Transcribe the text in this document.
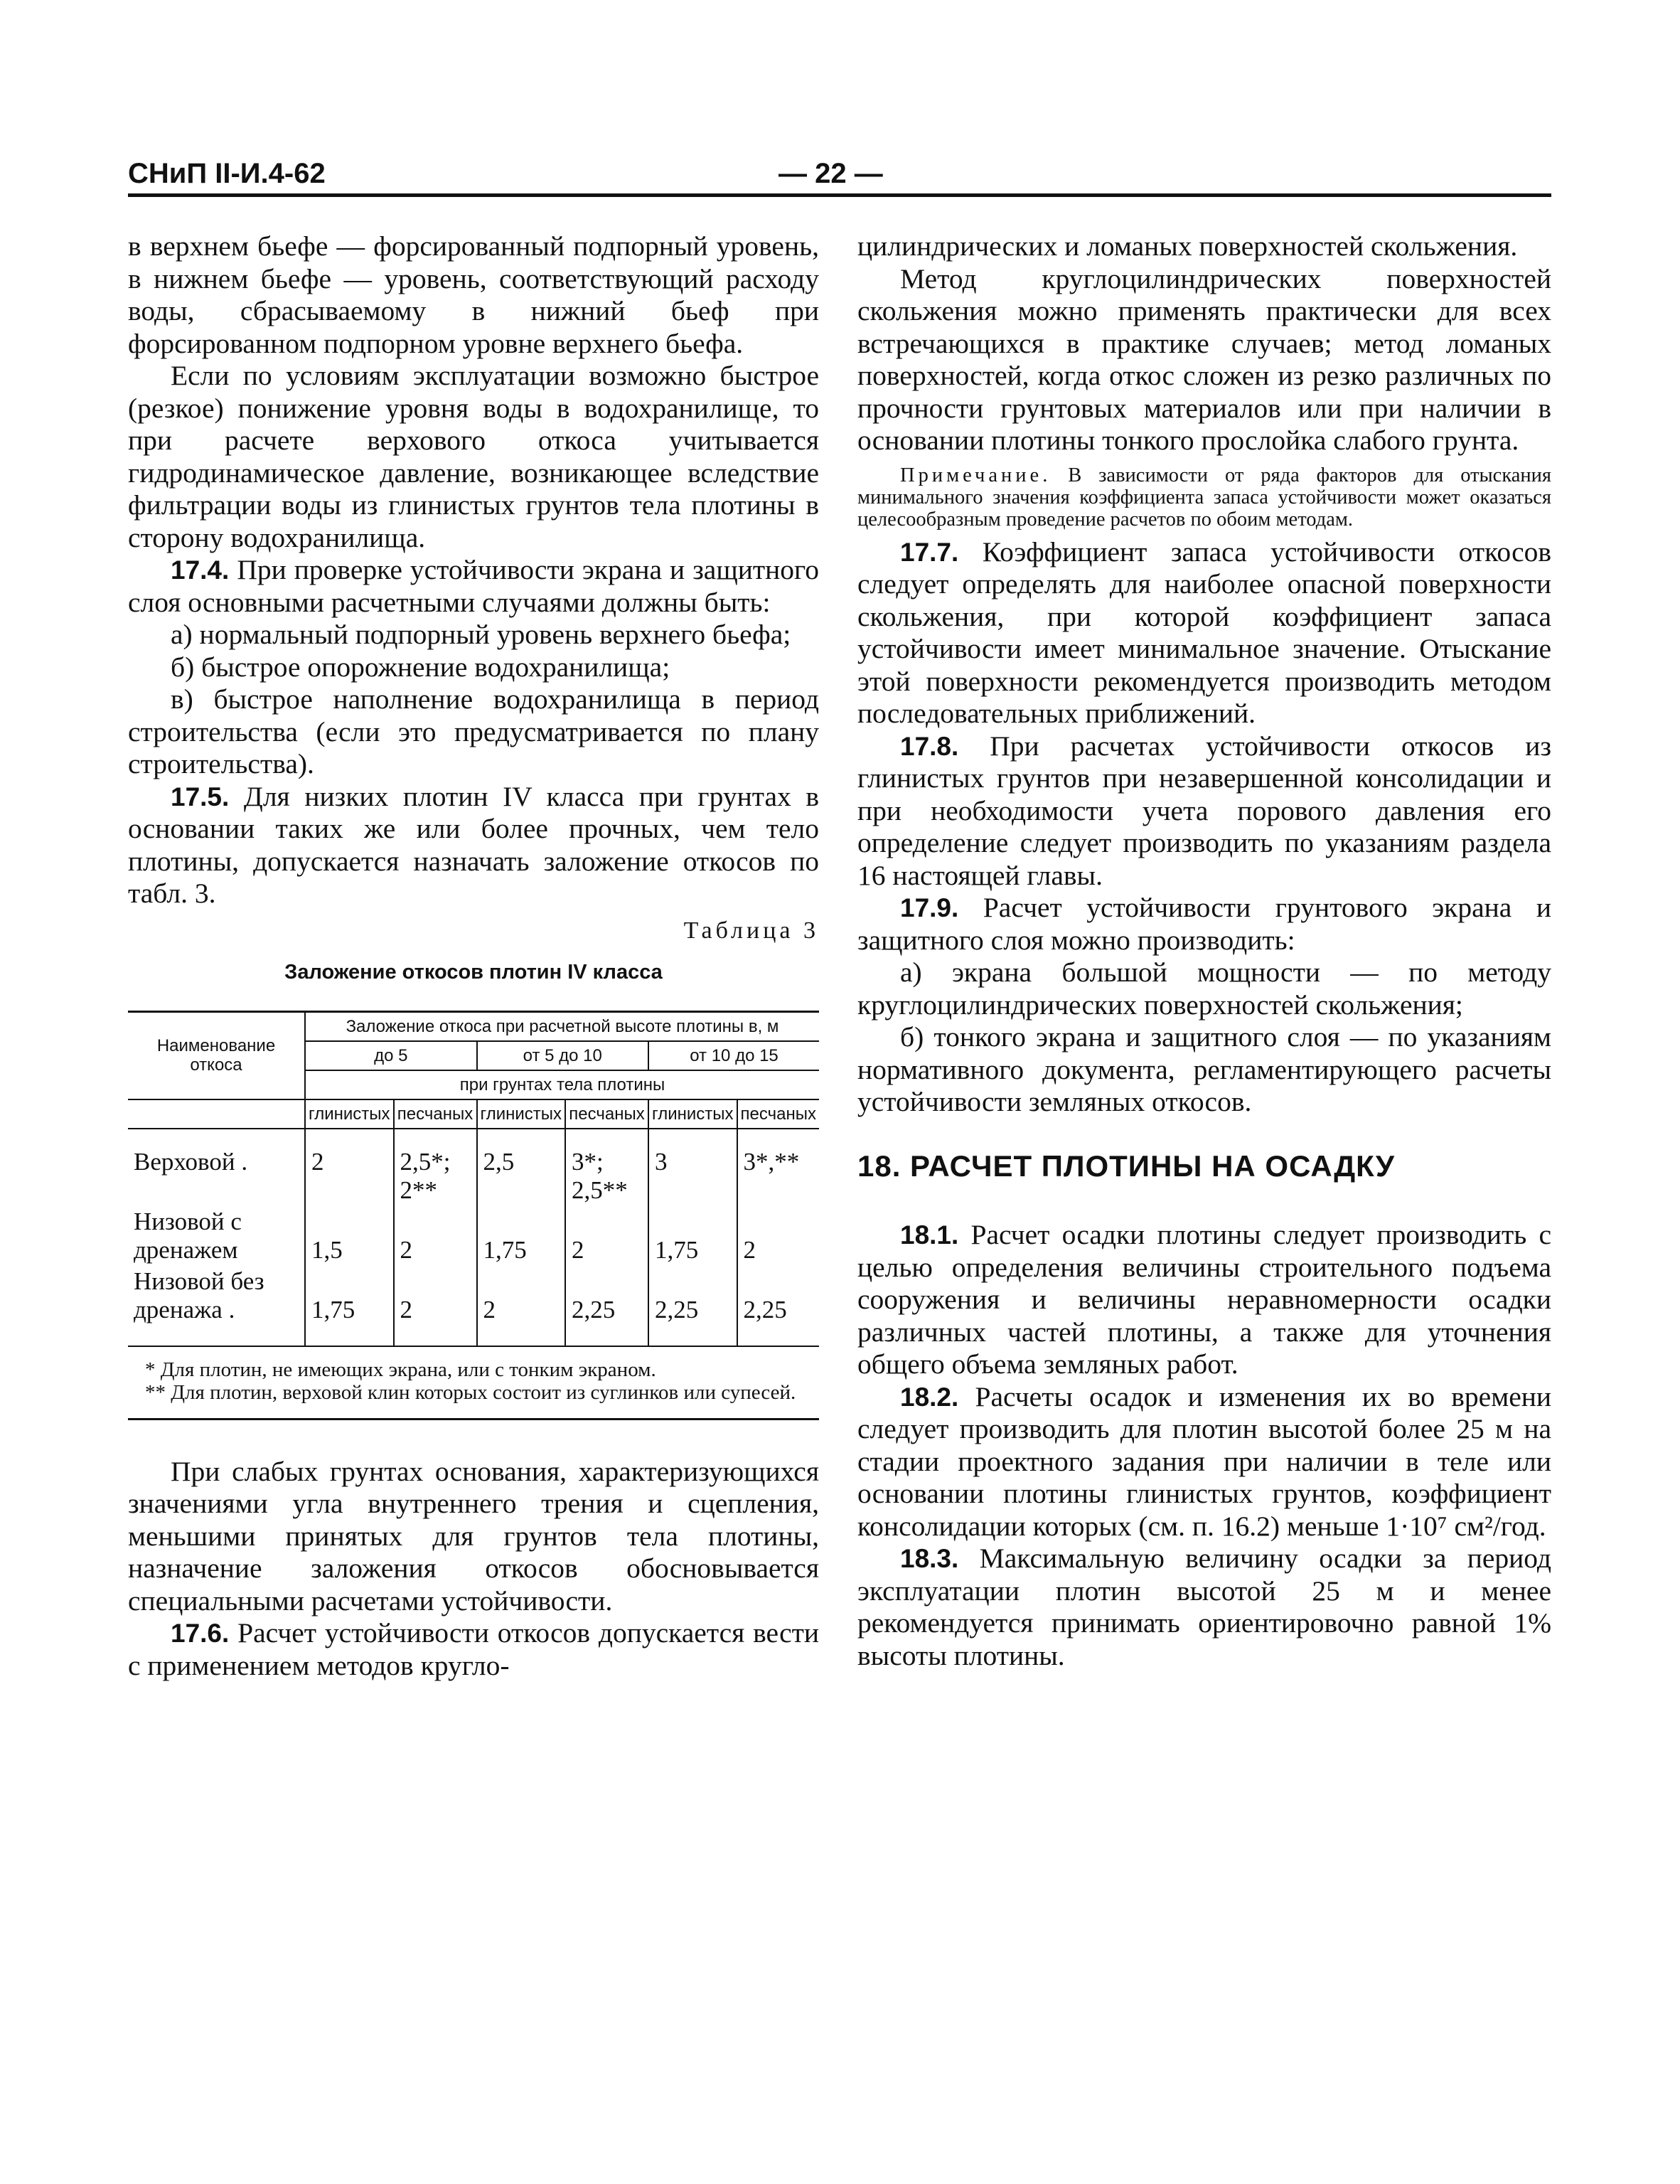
СНиП II-И.4-62	— 22 —

в верхнем бьефе — форсированный подпорный уровень, в нижнем бьефе — уровень, соответствующий расходу воды, сбрасываемому в нижний бьеф при форсированном подпорном уровне верхнего бьефа.

Если по условиям эксплуатации возможно быстрое (резкое) понижение уровня воды в водохранилище, то при расчете верхового откоса учитывается гидродинамическое давление, возникающее вследствие фильтрации воды из глинистых грунтов тела плотины в сторону водохранилища.

17.4. При проверке устойчивости экрана и защитного слоя основными расчетными случаями должны быть:

а) нормальный подпорный уровень верхнего бьефа;

б) быстрое опорожнение водохранилища;

в) быстрое наполнение водохранилища в период строительства (если это предусматривается по плану строительства).

17.5. Для низких плотин IV класса при грунтах в основании таких же или более прочных, чем тело плотины, допускается назначать заложение откосов по табл. 3.

Таблица 3
Заложение откосов плотин IV класса
Наименование откоса	Заложение откоса при расчетной высоте плотины в, м					
	до 5		от 5 до 10		от 10 до 15	
	при грунтах тела плотины					
	глинистых	песчаных	глинистых	песчаных	глинистых	песчаных
Верховой .	2	2,5*; 2**	2,5	3*; 2,5**	3	3*,**
Низовой с дренажем	1,5	2	1,75	2	1,75	2
Низовой без дренажа .	1,75	2	2	2,25	2,25	2,25

* Для плотин, не имеющих экрана, или с тонким экраном.
** Для плотин, верховой клин которых состоит из суглинков или супесей.						

При слабых грунтах основания, характеризующихся значениями угла внутреннего трения и сцепления, меньшими принятых для грунтов тела плотины, назначение заложения откосов обосновывается специальными расчетами устойчивости.

17.6. Расчет устойчивости откосов допускается вести с применением методов кругло-

цилиндрических и ломаных поверхностей скольжения.

Метод круглоцилиндрических поверхностей скольжения можно применять практически для всех встречающихся в практике случаев; метод ломаных поверхностей, когда откос сложен из резко различных по прочности грунтовых материалов или при наличии в основании плотины тонкого прослойка слабого грунта.

Примечание. В зависимости от ряда факторов для отыскания минимального значения коэффициента запаса устойчивости может оказаться целесообразным проведение расчетов по обоим методам.

17.7. Коэффициент запаса устойчивости откосов следует определять для наиболее опасной поверхности скольжения, при которой коэффициент запаса устойчивости имеет минимальное значение. Отыскание этой поверхности рекомендуется производить методом последовательных приближений.

17.8. При расчетах устойчивости откосов из глинистых грунтов при незавершенной консолидации и при необходимости учета порового давления его определение следует производить по указаниям раздела 16 настоящей главы.

17.9. Расчет устойчивости грунтового экрана и защитного слоя можно производить:

а) экрана большой мощности — по методу круглоцилиндрических поверхностей скольжения;

б) тонкого экрана и защитного слоя — по указаниям нормативного документа, регламентирующего расчеты устойчивости земляных откосов.

18. РАСЧЕТ ПЛОТИНЫ НА ОСАДКУ

18.1. Расчет осадки плотины следует производить с целью определения величины строительного подъема сооружения и величины неравномерности осадки различных частей плотины, а также для уточнения общего объема земляных работ.

18.2. Расчеты осадок и изменения их во времени следует производить для плотин высотой более 25 м на стадии проектного задания при наличии в теле или основании плотины глинистых грунтов, коэффициент консолидации которых (см. п. 16.2) меньше 1·10⁷ см²/год.

18.3. Максимальную величину осадки за период эксплуатации плотин высотой 25 м и менее рекомендуется принимать ориентировочно равной 1% высоты плотины.
